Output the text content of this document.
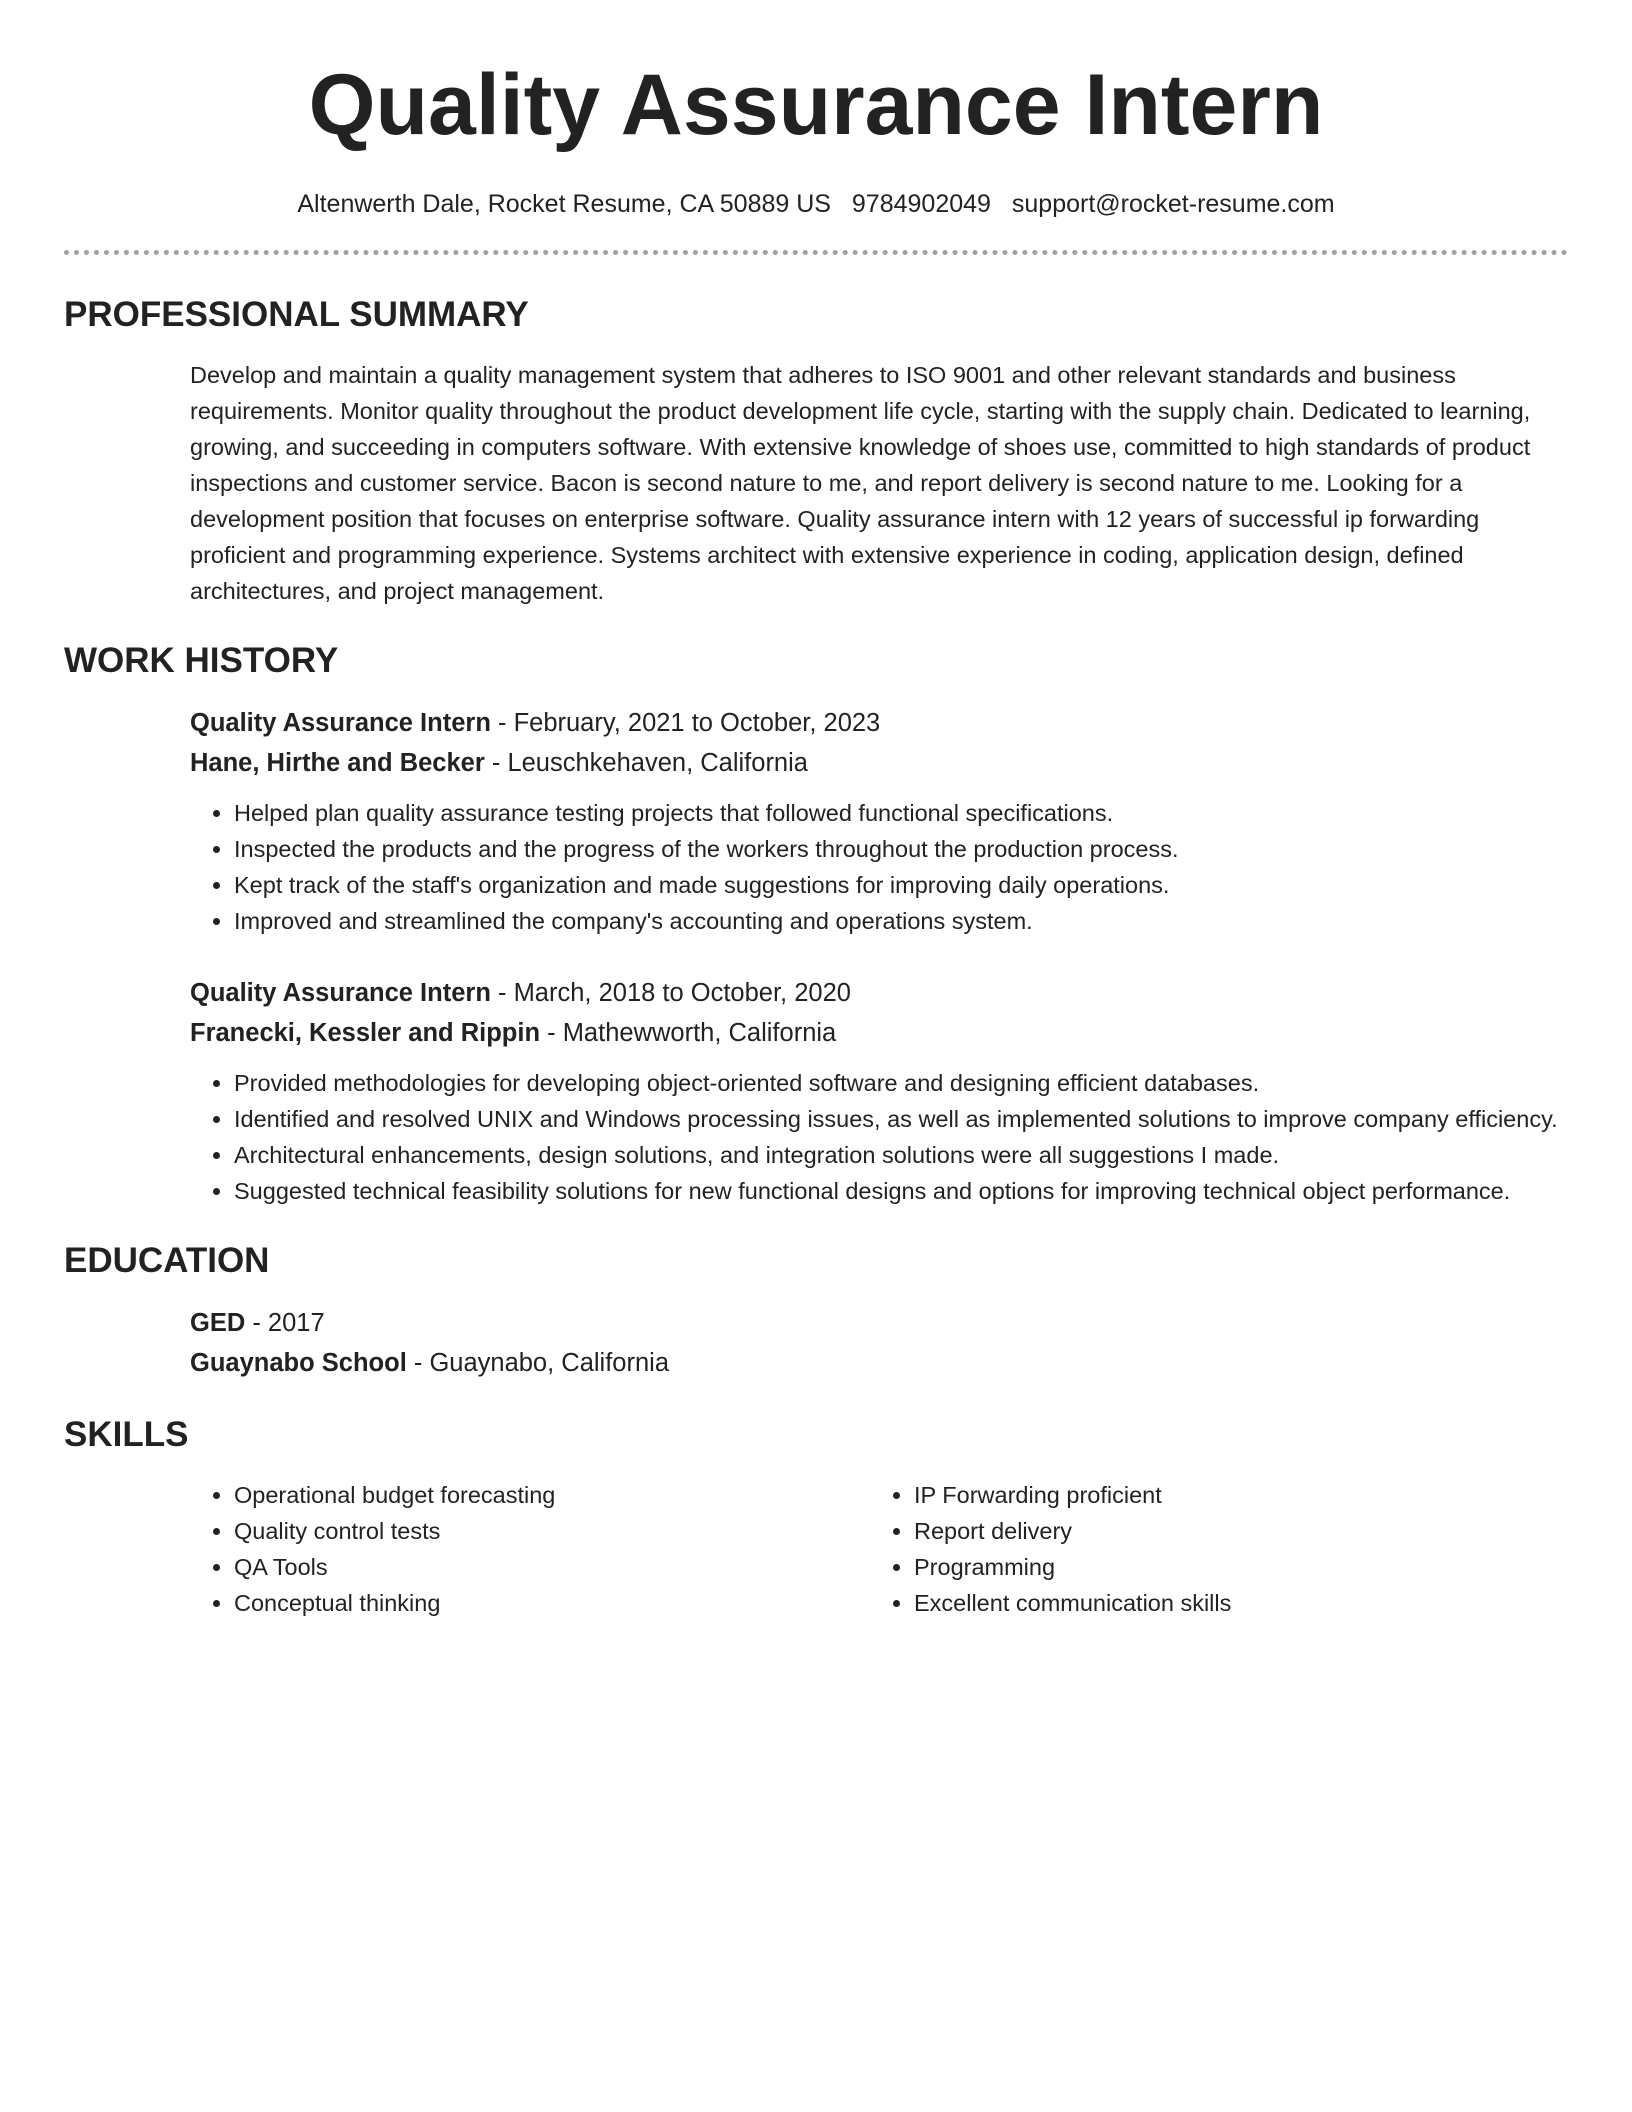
Quality Assurance Intern
Altenwerth Dale, Rocket Resume, CA 50889 US 9784902049 support@rocket-resume.com
PROFESSIONAL SUMMARY

Develop and maintain a quality management system that adheres to ISO 9001 and other relevant standards and business requirements. Monitor quality throughout the product development life cycle, starting with the supply chain. Dedicated to learning, growing, and succeeding in computers software. With extensive knowledge of shoes use, committed to high standards of product inspections and customer service. Bacon is second nature to me, and report delivery is second nature to me. Looking for a development position that focuses on enterprise software. Quality assurance intern with 12 years of successful ip forwarding proficient and programming experience. Systems architect with extensive experience in coding, application design, defined architectures, and project management.

WORK HISTORY
Quality Assurance Intern - February, 2021 to October, 2023
Hane, Hirthe and Becker - Leuschkehaven, California
• Helped plan quality assurance testing projects that followed functional specifications.
• Inspected the products and the progress of the workers throughout the production process.
• Kept track of the staff's organization and made suggestions for improving daily operations.
• Improved and streamlined the company's accounting and operations system.
Quality Assurance Intern - March, 2018 to October, 2020
Franecki, Kessler and Rippin - Mathewworth, California
• Provided methodologies for developing object-oriented software and designing efficient databases.
• Identified and resolved UNIX and Windows processing issues, as well as implemented solutions to improve company efficiency.
• Architectural enhancements, design solutions, and integration solutions were all suggestions I made.
• Suggested technical feasibility solutions for new functional designs and options for improving technical object performance.
EDUCATION
GED - 2017
Guaynabo School - Guaynabo, California
SKILLS
• Operational budget forecasting
• Quality control tests
• QA Tools
• Conceptual thinking
• IP Forwarding proficient
• Report delivery
• Programming
• Excellent communication skills
